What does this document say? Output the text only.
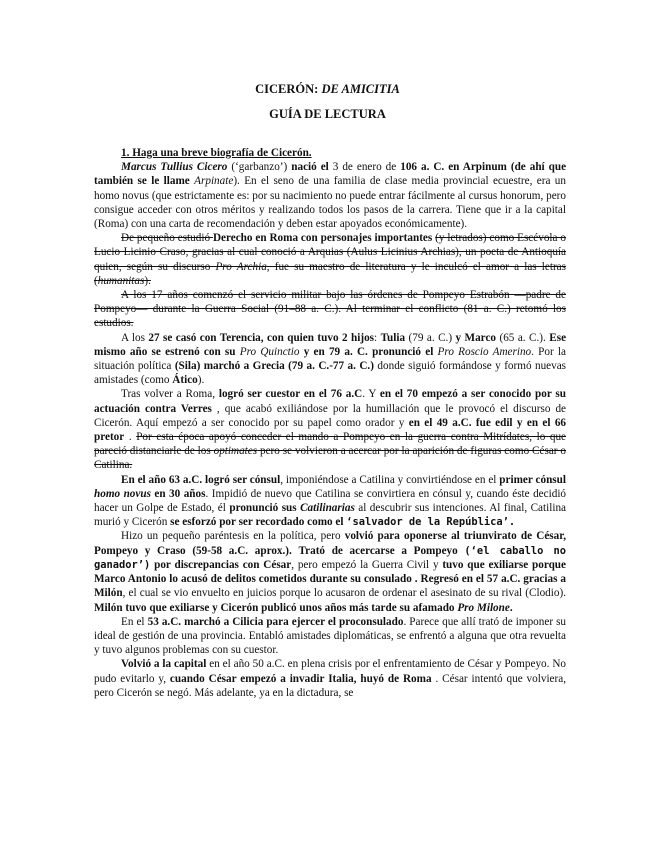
CICERÓN: DE AMICITIA
GUÍA DE LECTURA

1. Haga una breve biografía de Cicerón.

Marcus Tullius Cicero (‘garbanzo’) nació el 3 de enero de 106 a. C. en Arpinum (de ahí que también se le llame Arpinate). En el seno de una familia de clase media provincial ecuestre, era un homo novus (que estrictamente es: por su nacimiento no puede entrar fácilmente al cursus honorum, pero consigue acceder con otros méritos y realizando todos los pasos de la carrera. Tiene que ir a la capital (Roma) con una carta de recomendación y deben estar apoyados económicamente).

De pequeño estudió Derecho en Roma con personajes importantes (y letrados) como Escévola o Lucio Licinio Craso, gracias al cual conoció a Arquias (Aulus Licinius Archias), un poeta de Antioquía quien, según su discurso Pro Archia, fue su maestro de literatura y le inculcó el amor a las letras (humanitas).

A los 17 años comenzó el servicio militar bajo las órdenes de Pompeyo Estrabón —padre de Pompeyo— durante la Guerra Social (91–88 a. C.). Al terminar el conflicto (81 a. C.) retomó los estudios.

A los 27 se casó con Terencia, con quien tuvo 2 hijos: Tulia (79 a. C.) y Marco (65 a. C.). Ese mismo año se estrenó con su Pro Quinctio y en 79 a. C. pronunció el Pro Roscio Amerino. Por la situación política (Sila) marchó a Grecia (79 a. C.-77 a. C.) donde siguió formándose y formó nuevas amistades (como Ático).

Tras volver a Roma, logró ser cuestor en el 76 a.C. Y en el 70 empezó a ser conocido por su actuación contra Verres , que acabó exiliándose por la humillación que le provocó el discurso de Cicerón. Aquí empezó a ser conocido por su papel como orador y en el 49 a.C. fue edil y en el 66 pretor . Por esta época apoyó conceder el mando a Pompeyo en la guerra contra Mitrídates, lo que pareció distanciarle de los optimates pero se volvieron a acercar por la aparición de figuras como César o Catilina.

En el año 63 a.C. logró ser cónsul, imponiéndose a Catilina y convirtiéndose en el primer cónsul homo novus en 30 años. Impidió de nuevo que Catilina se convirtiera en cónsul y, cuando éste decidió hacer un Golpe de Estado, él pronunció sus Catilinarias al descubrir sus intenciones. Al final, Catilina murió y Cicerón se esforzó por ser recordado como el ‘salvador de la República’.

Hizo un pequeño paréntesis en la política, pero volvió para oponerse al triunvirato de César, Pompeyo y Craso (59-58 a.C. aprox.). Trató de acercarse a Pompeyo (‘el caballo no ganador’) por discrepancias con César, pero empezó la Guerra Civil y tuvo que exiliarse porque Marco Antonio lo acusó de delitos cometidos durante su consulado . Regresó en el 57 a.C. gracias a Milón, el cual se vio envuelto en juicios porque lo acusaron de ordenar el asesinato de su rival (Clodio). Milón tuvo que exiliarse y Cicerón publicó unos años más tarde su afamado Pro Milone.

En el 53 a.C. marchó a Cilicia para ejercer el proconsulado. Parece que allí trató de imponer su ideal de gestión de una provincia. Entabló amistades diplomáticas, se enfrentó a alguna que otra revuelta y tuvo algunos problemas con su cuestor.

Volvió a la capital en el año 50 a.C. en plena crisis por el enfrentamiento de César y Pompeyo. No pudo evitarlo y, cuando César empezó a invadir Italia, huyó de Roma . César intentó que volviera, pero Cicerón se negó. Más adelante, ya en la dictadura, se
